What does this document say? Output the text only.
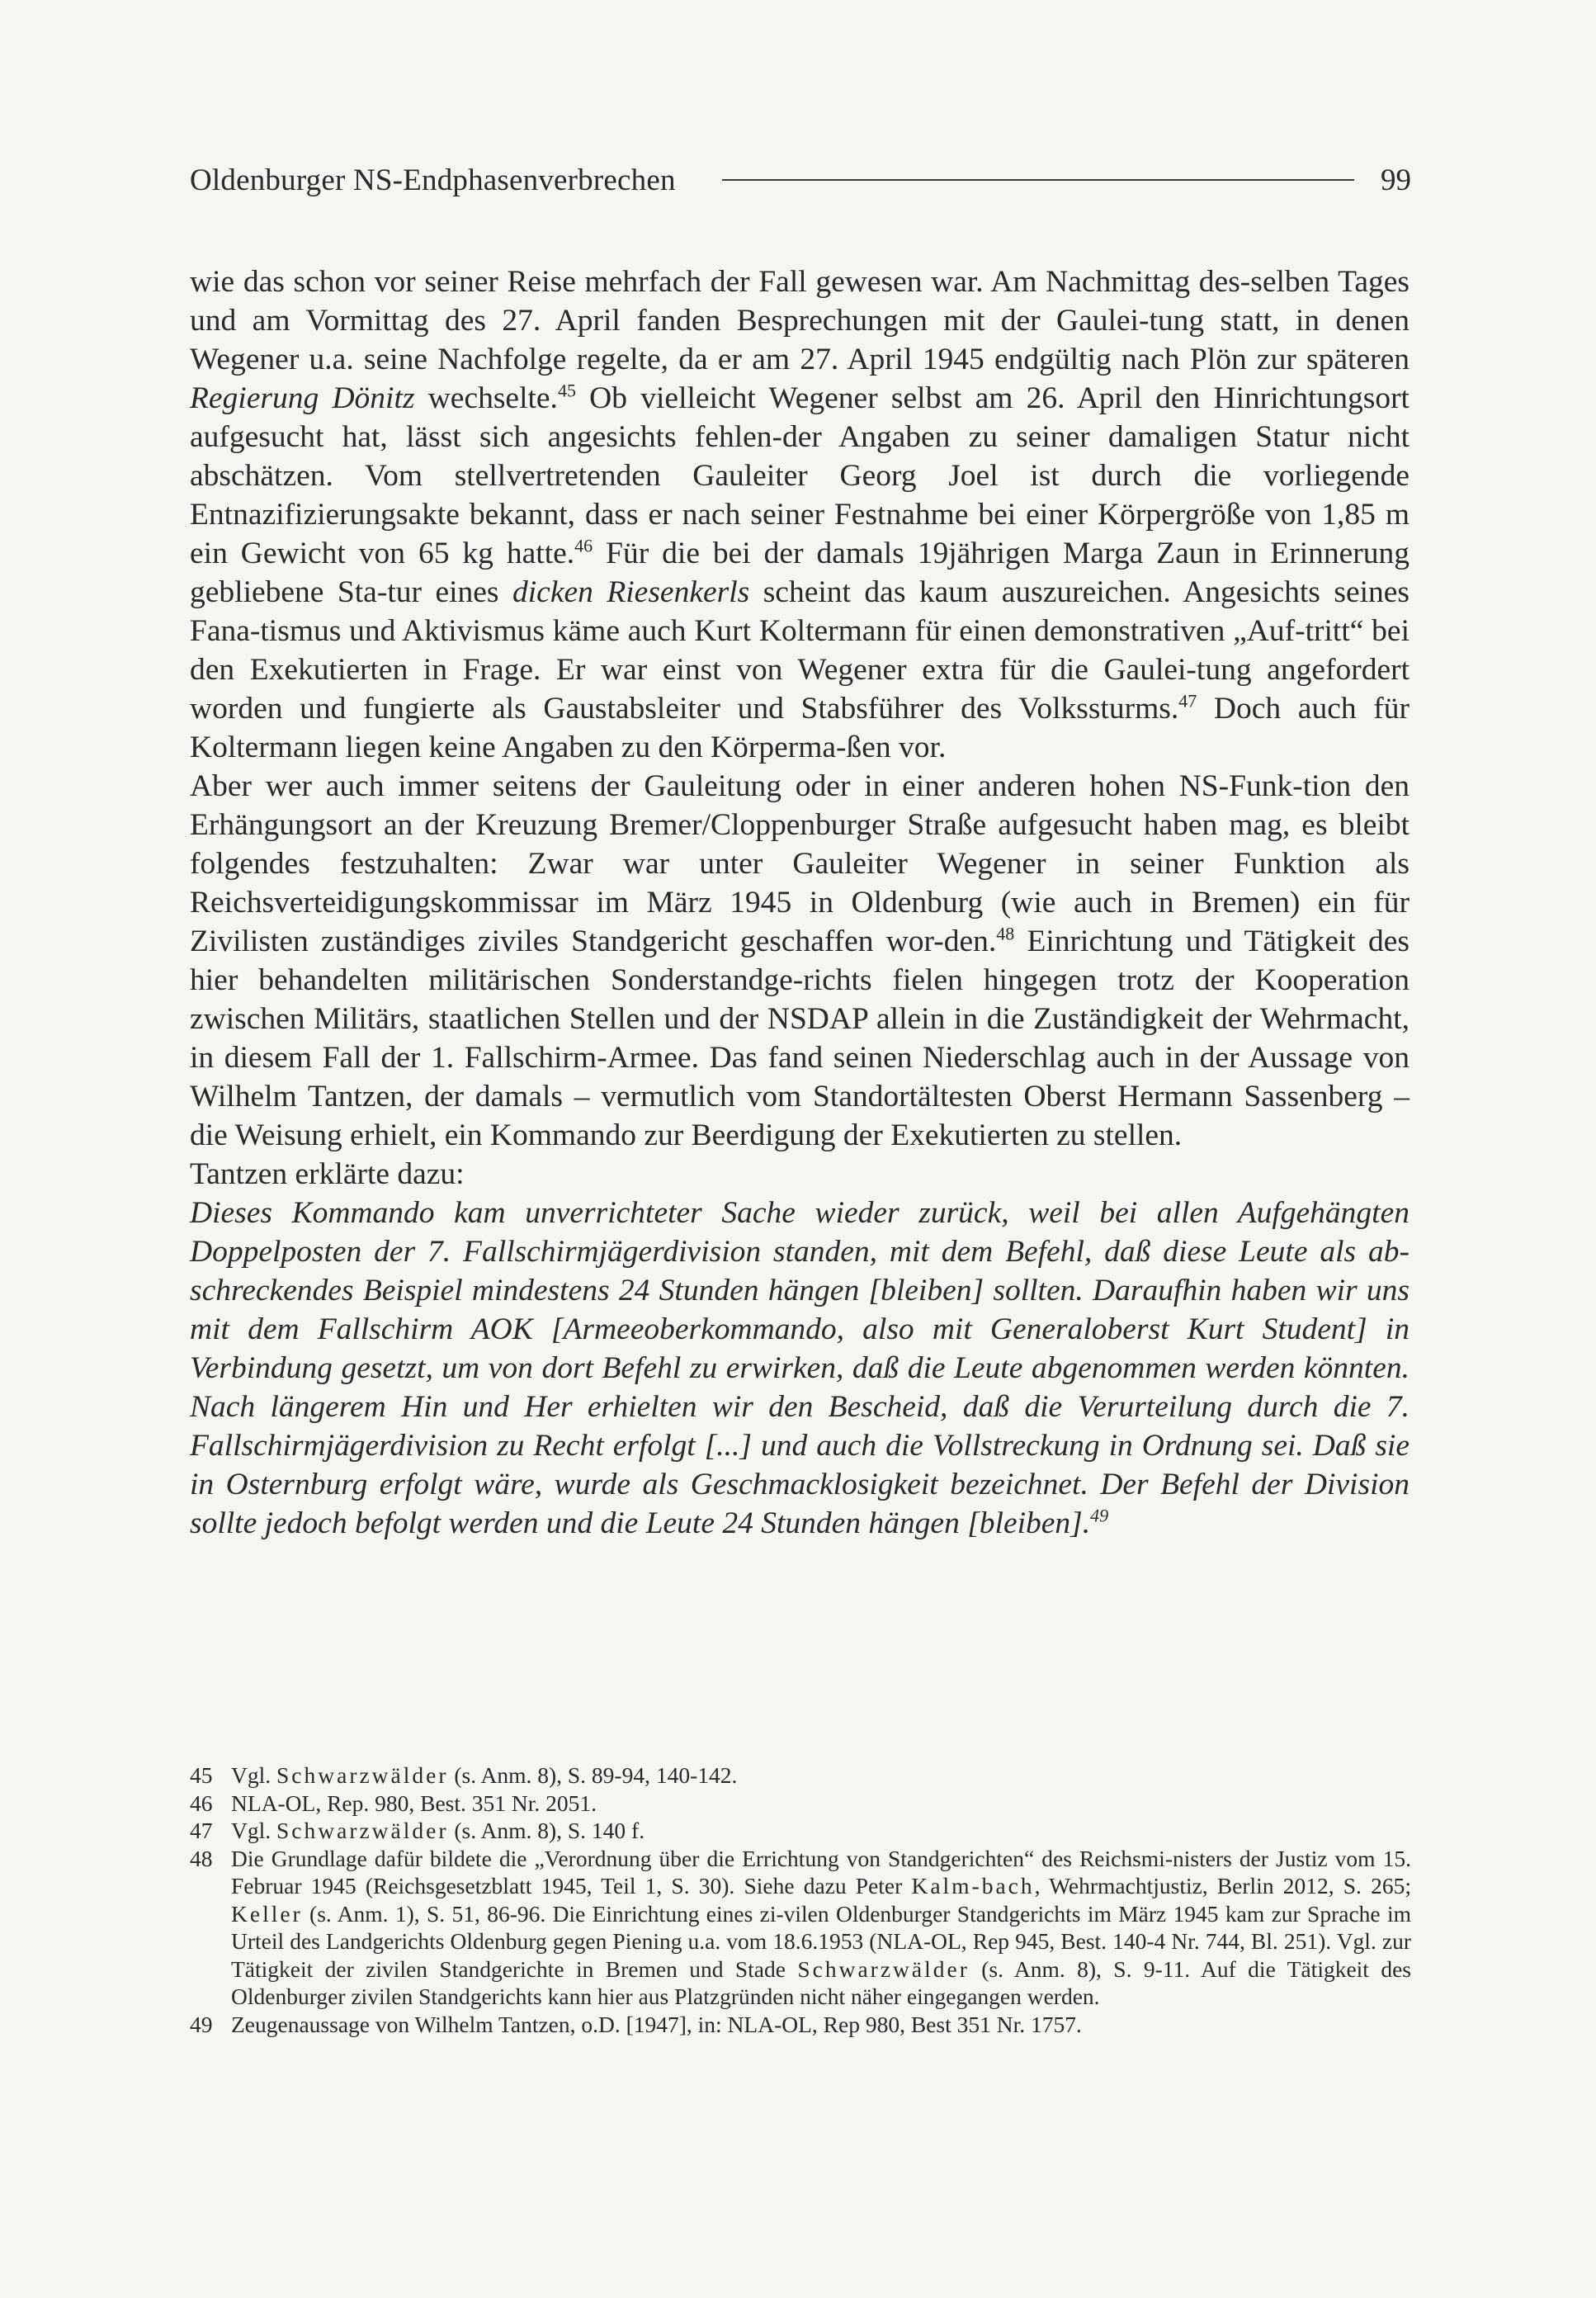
Oldenburger NS-Endphasenverbrechen	99

wie das schon vor seiner Reise mehrfach der Fall gewesen war. Am Nachmittag des-selben Tages und am Vormittag des 27. April fanden Besprechungen mit der Gaulei-tung statt, in denen Wegener u.a. seine Nachfolge regelte, da er am 27. April 1945 endgültig nach Plön zur späteren Regierung Dönitz wechselte.$^{45}$ Ob vielleicht Wegener selbst am 26. April den Hinrichtungsort aufgesucht hat, lässt sich angesichts fehlen-der Angaben zu seiner damaligen Statur nicht abschätzen. Vom stellvertretenden Gauleiter Georg Joel ist durch die vorliegende Entnazifizierungsakte bekannt, dass er nach seiner Festnahme bei einer Körpergröße von 1,85 m ein Gewicht von 65 kg hatte.$^{46}$ Für die bei der damals 19jährigen Marga Zaun in Erinnerung gebliebene Sta-tur eines dicken Riesenkerls scheint das kaum auszureichen. Angesichts seines Fana-tismus und Aktivismus käme auch Kurt Koltermann für einen demonstrativen „Auf-tritt“ bei den Exekutierten in Frage. Er war einst von Wegener extra für die Gaulei-tung angefordert worden und fungierte als Gaustabsleiter und Stabsführer des Volkssturms.$^{47}$ Doch auch für Koltermann liegen keine Angaben zu den Körperma-ßen vor.

Aber wer auch immer seitens der Gauleitung oder in einer anderen hohen NS-Funk-tion den Erhängungsort an der Kreuzung Bremer/Cloppenburger Straße aufgesucht haben mag, es bleibt folgendes festzuhalten: Zwar war unter Gauleiter Wegener in seiner Funktion als Reichsverteidigungskommissar im März 1945 in Oldenburg (wie auch in Bremen) ein für Zivilisten zuständiges ziviles Standgericht geschaffen wor-den.$^{48}$ Einrichtung und Tätigkeit des hier behandelten militärischen Sonderstandge-richts fielen hingegen trotz der Kooperation zwischen Militärs, staatlichen Stellen und der NSDAP allein in die Zuständigkeit der Wehrmacht, in diesem Fall der 1. Fallschirm-Armee. Das fand seinen Niederschlag auch in der Aussage von Wilhelm Tantzen, der damals – vermutlich vom Standortältesten Oberst Hermann Sassenberg – die Weisung erhielt, ein Kommando zur Beerdigung der Exekutierten zu stellen.

Tantzen erklärte dazu:

Dieses Kommando kam unverrichteter Sache wieder zurück, weil bei allen Aufgehängten Doppelposten der 7. Fallschirmjägerdivision standen, mit dem Befehl, daß diese Leute als ab-schreckendes Beispiel mindestens 24 Stunden hängen [bleiben] sollten. Daraufhin haben wir uns mit dem Fallschirm AOK [Armeeoberkommando, also mit Generaloberst Kurt Student] in Verbindung gesetzt, um von dort Befehl zu erwirken, daß die Leute abgenommen werden könnten. Nach längerem Hin und Her erhielten wir den Bescheid, daß die Verurteilung durch die 7. Fallschirmjägerdivision zu Recht erfolgt [...] und auch die Vollstreckung in Ordnung sei. Daß sie in Osternburg erfolgt wäre, wurde als Geschmacklosigkeit bezeichnet. Der Befehl der Division sollte jedoch befolgt werden und die Leute 24 Stunden hängen [bleiben].$^{49}$

45 Vgl. Schwarzwälder (s. Anm. 8), S. 89-94, 140-142.
46 NLA-OL, Rep. 980, Best. 351 Nr. 2051.
47 Vgl. Schwarzwälder (s. Anm. 8), S. 140 f.
48 Die Grundlage dafür bildete die „Verordnung über die Errichtung von Standgerichten“ des Reichsmi-nisters der Justiz vom 15. Februar 1945 (Reichsgesetzblatt 1945, Teil 1, S. 30). Siehe dazu Peter Kalm-bach, Wehrmachtjustiz, Berlin 2012, S. 265; Keller (s. Anm. 1), S. 51, 86-96. Die Einrichtung eines zi-vilen Oldenburger Standgerichts im März 1945 kam zur Sprache im Urteil des Landgerichts Oldenburg gegen Piening u.a. vom 18.6.1953 (NLA-OL, Rep 945, Best. 140-4 Nr. 744, Bl. 251). Vgl. zur Tätigkeit der zivilen Standgerichte in Bremen und Stade Schwarzwälder (s. Anm. 8), S. 9-11. Auf die Tätigkeit des Oldenburger zivilen Standgerichts kann hier aus Platzgründen nicht näher eingegangen werden.
49 Zeugenaussage von Wilhelm Tantzen, o.D. [1947], in: NLA-OL, Rep 980, Best 351 Nr. 1757.
